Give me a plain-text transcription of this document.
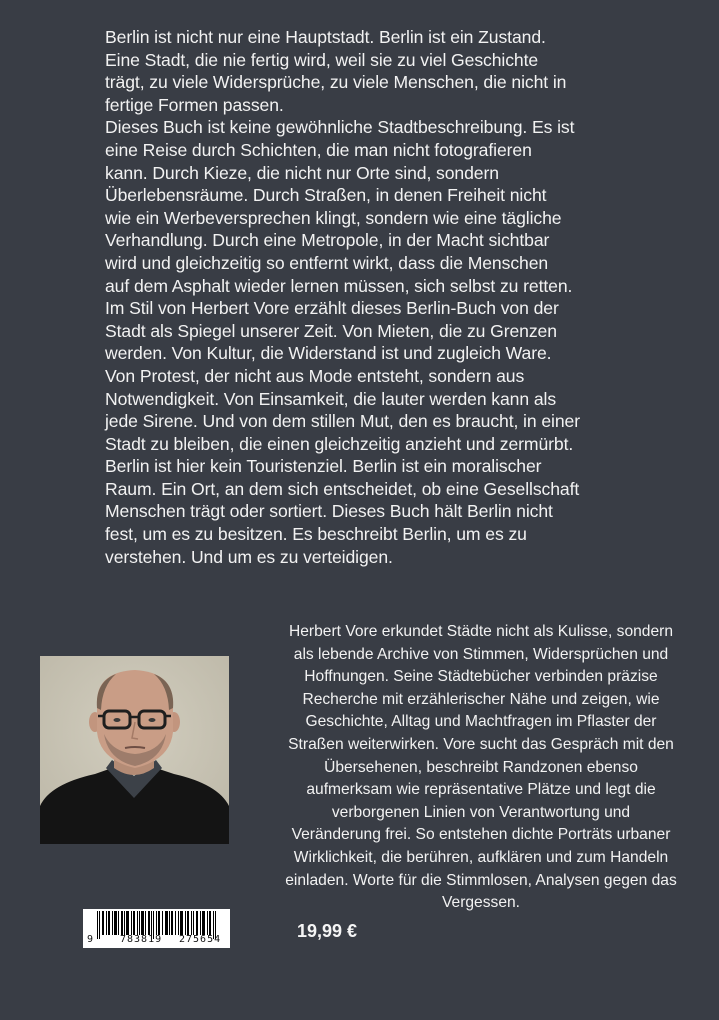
Berlin ist nicht nur eine Hauptstadt. Berlin ist ein Zustand.
Eine Stadt, die nie fertig wird, weil sie zu viel Geschichte
trägt, zu viele Widersprüche, zu viele Menschen, die nicht in
fertige Formen passen.
Dieses Buch ist keine gewöhnliche Stadtbeschreibung. Es ist
eine Reise durch Schichten, die man nicht fotografieren
kann. Durch Kieze, die nicht nur Orte sind, sondern
Überlebensräume. Durch Straßen, in denen Freiheit nicht
wie ein Werbeversprechen klingt, sondern wie eine tägliche
Verhandlung. Durch eine Metropole, in der Macht sichtbar
wird und gleichzeitig so entfernt wirkt, dass die Menschen
auf dem Asphalt wieder lernen müssen, sich selbst zu retten.
Im Stil von Herbert Vore erzählt dieses Berlin-Buch von der
Stadt als Spiegel unserer Zeit. Von Mieten, die zu Grenzen
werden. Von Kultur, die Widerstand ist und zugleich Ware.
Von Protest, der nicht aus Mode entsteht, sondern aus
Notwendigkeit. Von Einsamkeit, die lauter werden kann als
jede Sirene. Und von dem stillen Mut, den es braucht, in einer
Stadt zu bleiben, die einen gleichzeitig anzieht und zermürbt.
Berlin ist hier kein Touristenziel. Berlin ist ein moralischer
Raum. Ein Ort, an dem sich entscheidet, ob eine Gesellschaft
Menschen trägt oder sortiert. Dieses Buch hält Berlin nicht
fest, um es zu besitzen. Es beschreibt Berlin, um es zu
verstehen. Und um es zu verteidigen.
Herbert Vore erkundet Städte nicht als Kulisse, sondern
als lebende Archive von Stimmen, Widersprüchen und
Hoffnungen. Seine Städtebücher verbinden präzise
Recherche mit erzählerischer Nähe und zeigen, wie
Geschichte, Alltag und Machtfragen im Pflaster der
Straßen weiterwirken. Vore sucht das Gespräch mit den
Übersehenen, beschreibt Randzonen ebenso
aufmerksam wie repräsentative Plätze und legt die
verborgenen Linien von Verantwortung und
Veränderung frei. So entstehen dichte Porträts urbaner
Wirklichkeit, die berühren, aufklären und zum Handeln
einladen. Worte für die Stimmlosen, Analysen gegen das
Vergessen.
9	783819 275654	19,99 €
